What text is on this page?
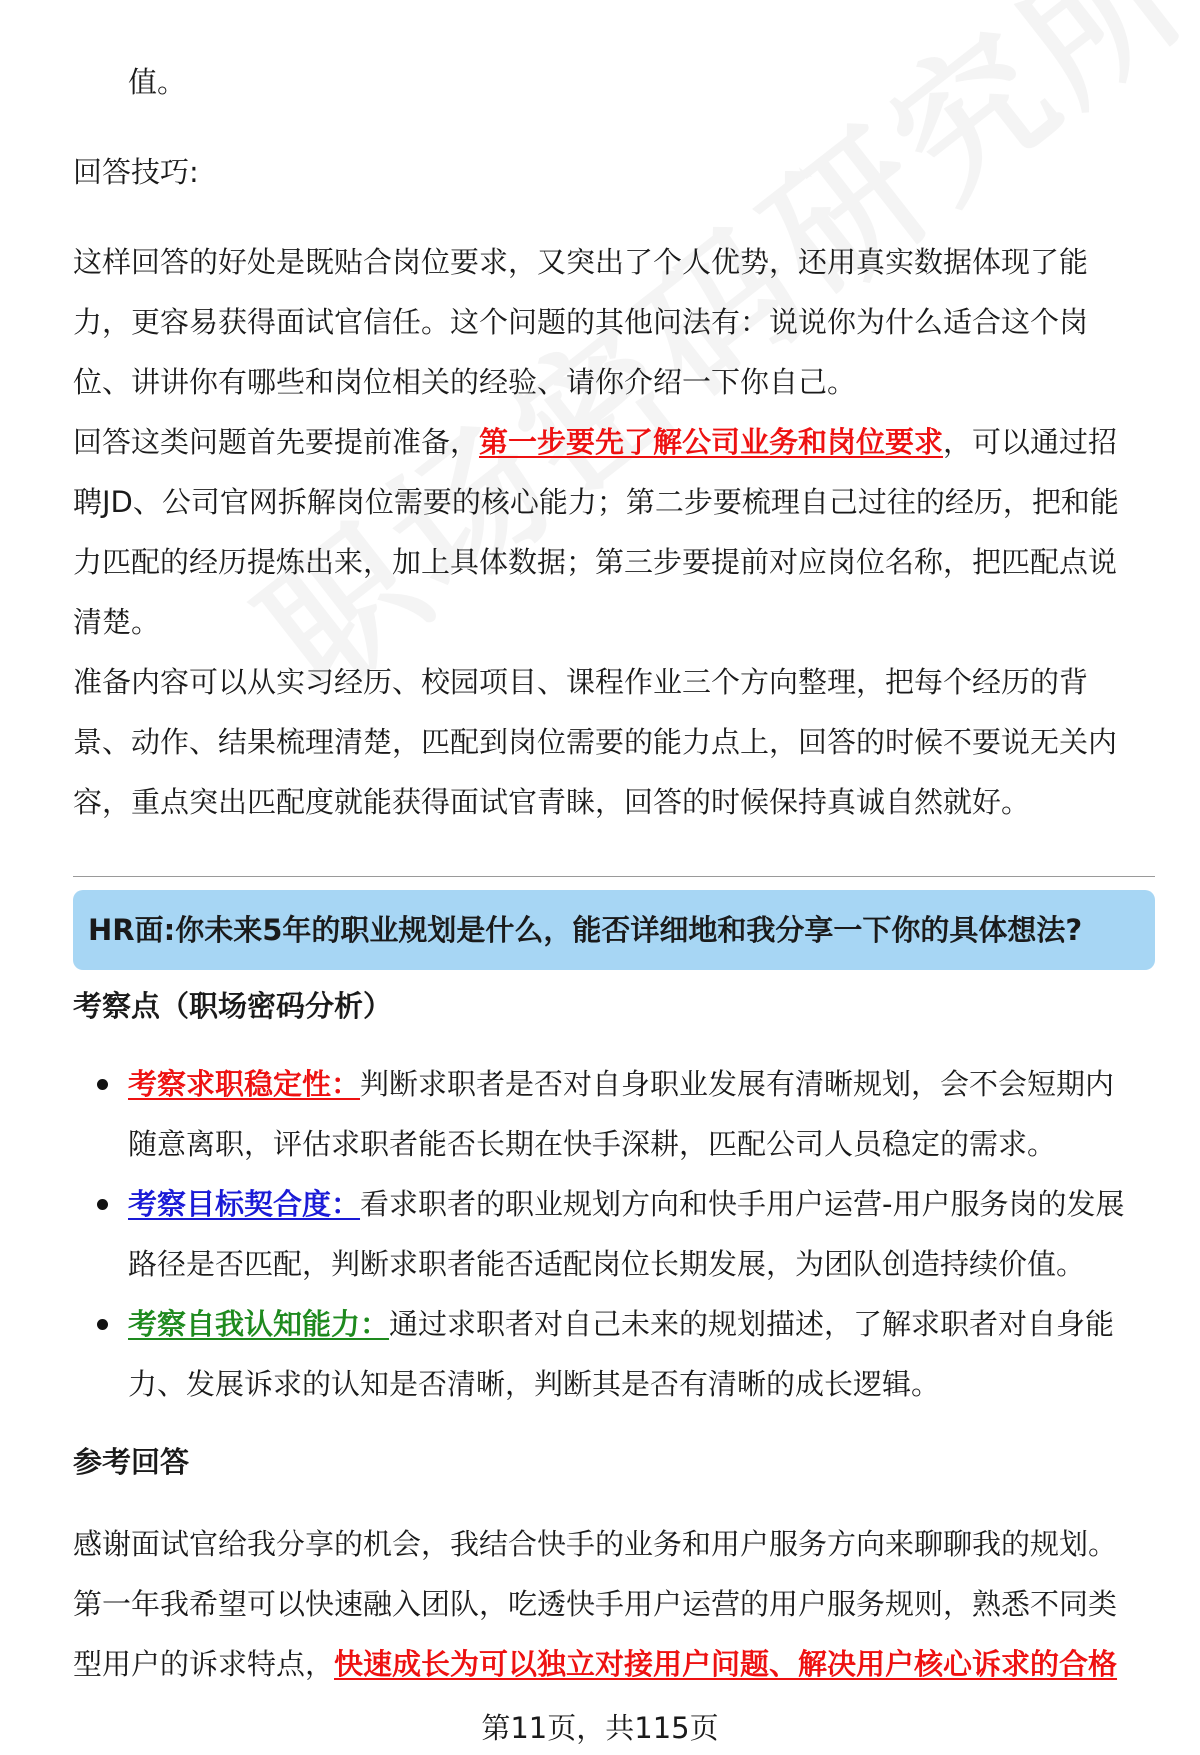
值。
回答技巧:
这样回答的好处是既贴合岗位要求，又突出了个人优势，还用真实数据体现了能
力，更容易获得面试官信任。这个问题的其他问法有：说说你为什么适合这个岗
位、讲讲你有哪些和岗位相关的经验、请你介绍一下你自己。
回答这类问题首先要提前准备，第一步要先了解公司业务和岗位要求，可以通过招
聘JD、公司官网拆解岗位需要的核心能力；第二步要梳理自己过往的经历，把和能
力匹配的经历提炼出来，加上具体数据；第三步要提前对应岗位名称，把匹配点说
清楚。
准备内容可以从实习经历、校园项目、课程作业三个方向整理，把每个经历的背
景、动作、结果梳理清楚，匹配到岗位需要的能力点上，回答的时候不要说无关内
容，重点突出匹配度就能获得面试官青睐，回答的时候保持真诚自然就好。
HR面:你未来5年的职业规划是什么，能否详细地和我分享一下你的具体想法?
考察点（职场密码分析）
考察求职稳定性：判断求职者是否对自身职业发展有清晰规划，会不会短期内
随意离职，评估求职者能否长期在快手深耕，匹配公司人员稳定的需求。
考察目标契合度：看求职者的职业规划方向和快手用户运营-用户服务岗的发展
路径是否匹配，判断求职者能否适配岗位长期发展，为团队创造持续价值。
考察自我认知能力：通过求职者对自己未来的规划描述，了解求职者对自身能
力、发展诉求的认知是否清晰，判断其是否有清晰的成长逻辑。
参考回答
感谢面试官给我分享的机会，我结合快手的业务和用户服务方向来聊聊我的规划。
第一年我希望可以快速融入团队，吃透快手用户运营的用户服务规则，熟悉不同类
型用户的诉求特点，快速成长为可以独立对接用户问题、解决用户核心诉求的合格
第11页，共115页
